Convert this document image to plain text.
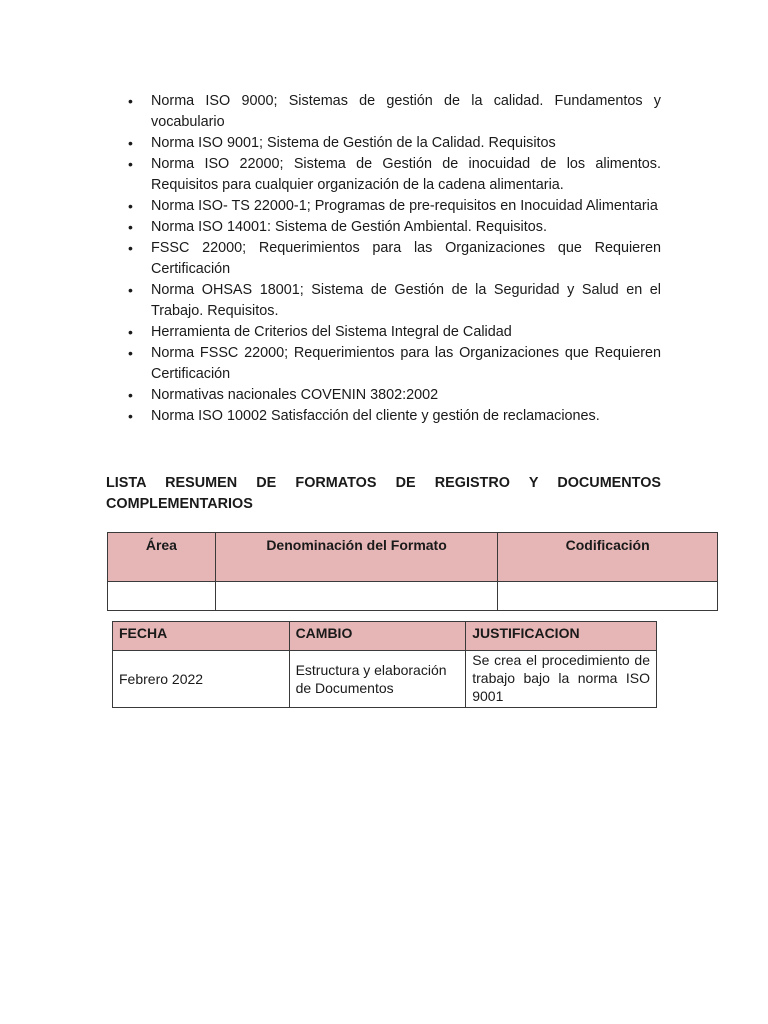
• Norma ISO 9000; Sistemas de gestión de la calidad. Fundamentos y vocabulario
• Norma ISO 9001; Sistema de Gestión de la Calidad. Requisitos
• Norma ISO 22000; Sistema de Gestión de inocuidad de los alimentos. Requisitos para cualquier organización de la cadena alimentaria.
• Norma ISO- TS 22000-1; Programas de pre-requisitos en Inocuidad Alimentaria
• Norma ISO 14001: Sistema de Gestión Ambiental. Requisitos.
• FSSC 22000; Requerimientos para las Organizaciones que Requieren Certificación
• Norma OHSAS 18001; Sistema de Gestión de la Seguridad y Salud en el Trabajo. Requisitos.
• Herramienta de Criterios del Sistema Integral de Calidad
• Norma FSSC 22000; Requerimientos para las Organizaciones que Requieren Certificación
• Normativas nacionales COVENIN 3802:2002
• Norma ISO 10002 Satisfacción del cliente y gestión de reclamaciones.
LISTA RESUMEN DE FORMATOS DE REGISTRO Y DOCUMENTOS COMPLEMENTARIOS
Área	Denominación del Formato	Codificación

FECHA	CAMBIO	JUSTIFICACION
Febrero 2022	Estructura y elaboración de Documentos	Se crea el procedimiento de trabajo bajo la norma ISO 9001
